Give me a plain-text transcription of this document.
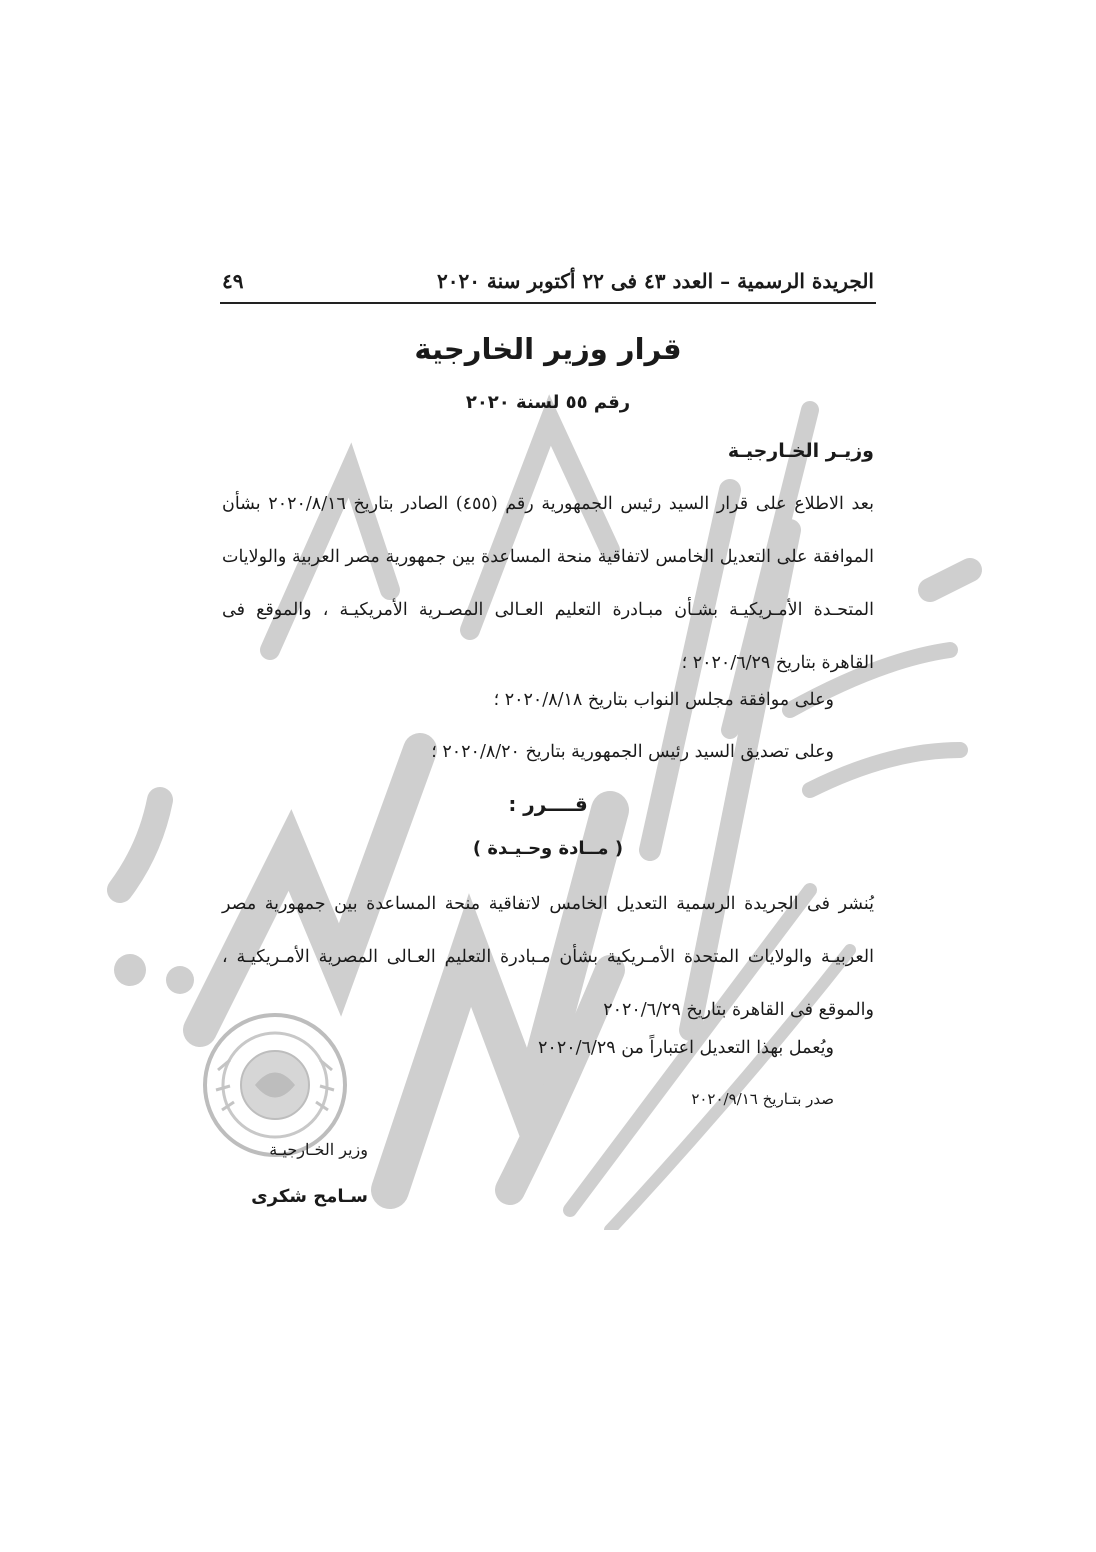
الجريدة الرسمية – العدد ٤٣ فى ٢٢ أكتوبر سنة ٢٠٢٠
٤٩
قرار وزير الخارجية
رقم ٥٥ لسنة ٢٠٢٠
وزيـر الخـارجيـة
بعد الاطلاع على قرار السيد رئيس الجمهورية رقم (٤٥٥) الصادر بتاريخ ٢٠٢٠/٨/١٦ بشأن الموافقة على التعديل الخامس لاتفاقية منحة المساعدة بين جمهورية مصر العربية والولايات المتحـدة الأمـريكيـة بشـأن مبـادرة التعليم العـالى المصـرية الأمريكيـة ، والموقع فى القاهرة بتاريخ ٢٠٢٠/٦/٢٩ ؛
وعلى موافقة مجلس النواب بتاريخ ٢٠٢٠/٨/١٨ ؛
وعلى تصديق السيد رئيس الجمهورية بتاريخ ٢٠٢٠/٨/٢٠ ؛
قــــرر :
( مــادة وحـيـدة )
يُنشر فى الجريدة الرسمية التعديل الخامس لاتفاقية منحة المساعدة بين جمهورية مصر العربيـة والولايات المتحدة الأمـريكية بشأن مـبادرة التعليم العـالى المصرية الأمـريكيـة ، والموقع فى القاهرة بتاريخ ٢٠٢٠/٦/٢٩
ويُعمل بهذا التعديل اعتباراً من ٢٠٢٠/٦/٢٩
صدر بتـاريخ ٢٠٢٠/٩/١٦
وزير الخـارجيـة
سـامح شكرى
